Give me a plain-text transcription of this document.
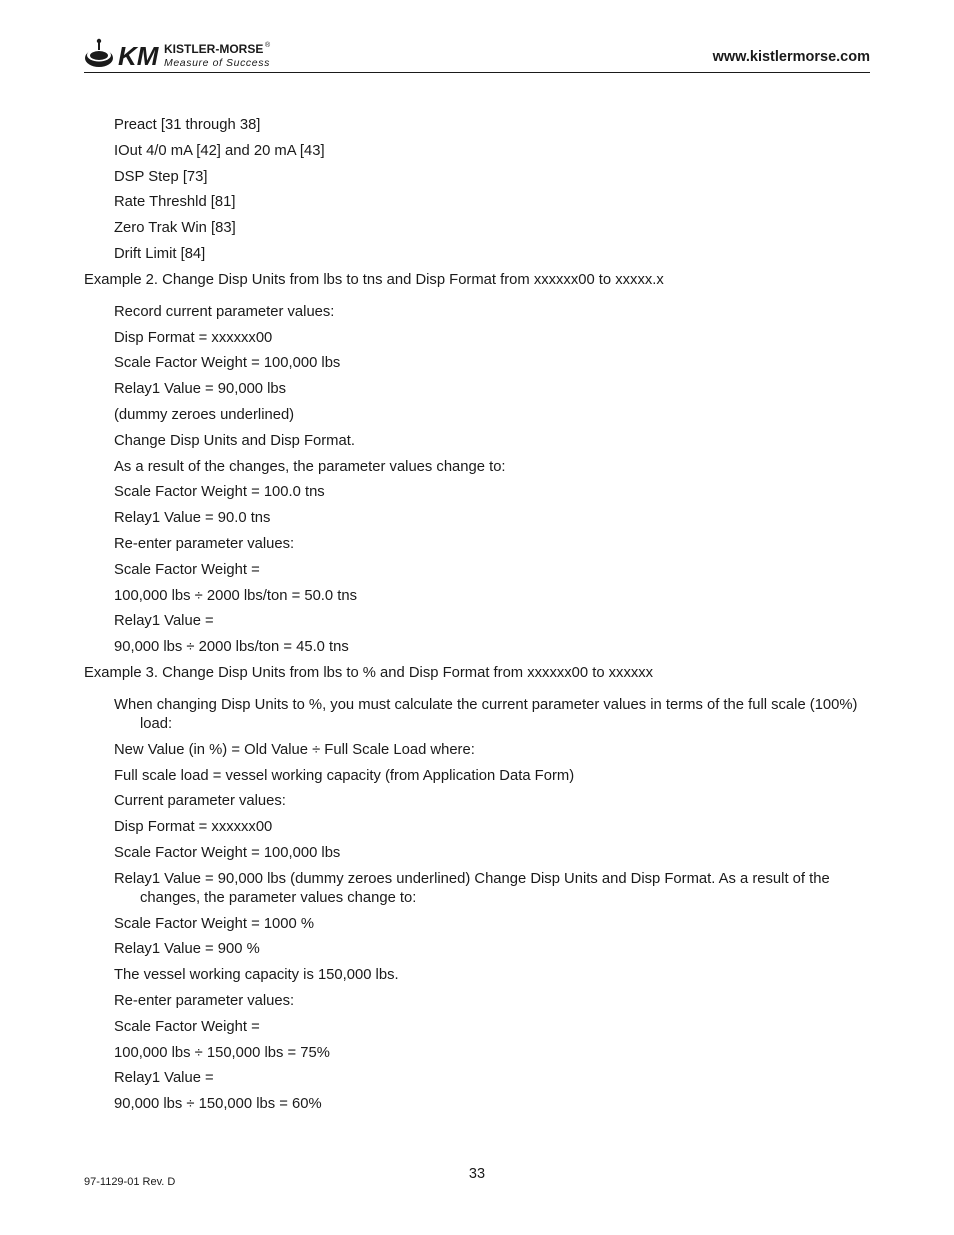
KM KISTLER-MORSE ®
Measure of Success	www.kistlermorse.com
Preact [31 through 38]
IOut 4/0 mA [42] and 20 mA [43]
DSP Step [73]
Rate Threshld [81]
Zero Trak Win [83]
Drift Limit [84]
Example 2. Change Disp Units from lbs to tns and Disp Format from xxxxxx00 to xxxxx.x
Record current parameter values:
Disp Format = xxxxxx00
Scale Factor Weight = 100,000 lbs
Relay1 Value = 90,000 lbs
(dummy zeroes underlined)
Change Disp Units and Disp Format.
As a result of the changes, the parameter values change to:
Scale Factor Weight = 100.0 tns
Relay1 Value = 90.0 tns
Re-enter parameter values:
Scale Factor Weight =
100,000 lbs ÷ 2000 lbs/ton = 50.0 tns
Relay1 Value =
90,000 lbs ÷ 2000 lbs/ton = 45.0 tns
Example 3. Change Disp Units from lbs to % and Disp Format from xxxxxx00 to xxxxxx
When changing Disp Units to %, you must calculate the current parameter values in terms of the full scale (100%) load:
New Value (in %) = Old Value ÷ Full Scale Load where:
Full scale load = vessel working capacity (from Application Data Form)
Current parameter values:
Disp Format = xxxxxx00
Scale Factor Weight = 100,000 lbs
Relay1 Value = 90,000 lbs (dummy zeroes underlined) Change Disp Units and Disp Format. As a result of the changes, the parameter values change to:
Scale Factor Weight = 1000 %
Relay1 Value = 900 %
The vessel working capacity is 150,000 lbs.
Re-enter parameter values:
Scale Factor Weight =
100,000 lbs ÷ 150,000 lbs = 75%
Relay1 Value =
90,000 lbs ÷ 150,000 lbs = 60%
33
97-1129-01 Rev. D
